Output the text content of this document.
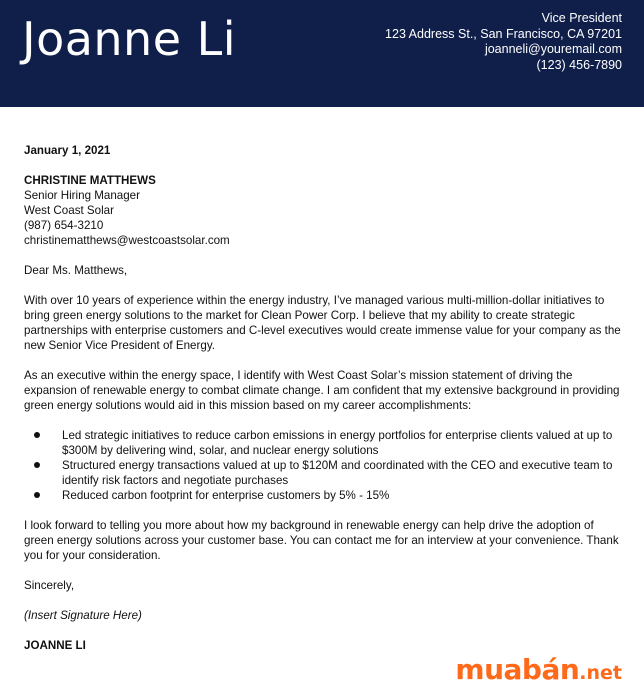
Joanne Li	Vice President
123 Address St., San Francisco, CA 97201
joanneli@youremail.com
(123) 456-7890

January 1, 2021

CHRISTINE MATTHEWS
Senior Hiring Manager
West Coast Solar
(987) 654-3210
christinematthews@westcoastsolar.com

Dear Ms. Matthews,

With over 10 years of experience within the energy industry, I’ve managed various multi-million-dollar initiatives to bring green energy solutions to the market for Clean Power Corp. I believe that my ability to create strategic partnerships with enterprise customers and C-level executives would create immense value for your company as the new Senior Vice President of Energy.

As an executive within the energy space, I identify with West Coast Solar’s mission statement of driving the expansion of renewable energy to combat climate change. I am confident that my extensive background in providing green energy solutions would aid in this mission based on my career accomplishments:

Led strategic initiatives to reduce carbon emissions in energy portfolios for enterprise clients valued at up to $300M by delivering wind, solar, and nuclear energy solutions
Structured energy transactions valued at up to $120M and coordinated with the CEO and executive team to identify risk factors and negotiate purchases
Reduced carbon footprint for enterprise customers by 5% - 15%

I look forward to telling you more about how my background in renewable energy can help drive the adoption of green energy solutions across your customer base. You can contact me for an interview at your convenience. Thank you for your consideration.

Sincerely,

(Insert Signature Here)

JOANNE LI

muabán.net
